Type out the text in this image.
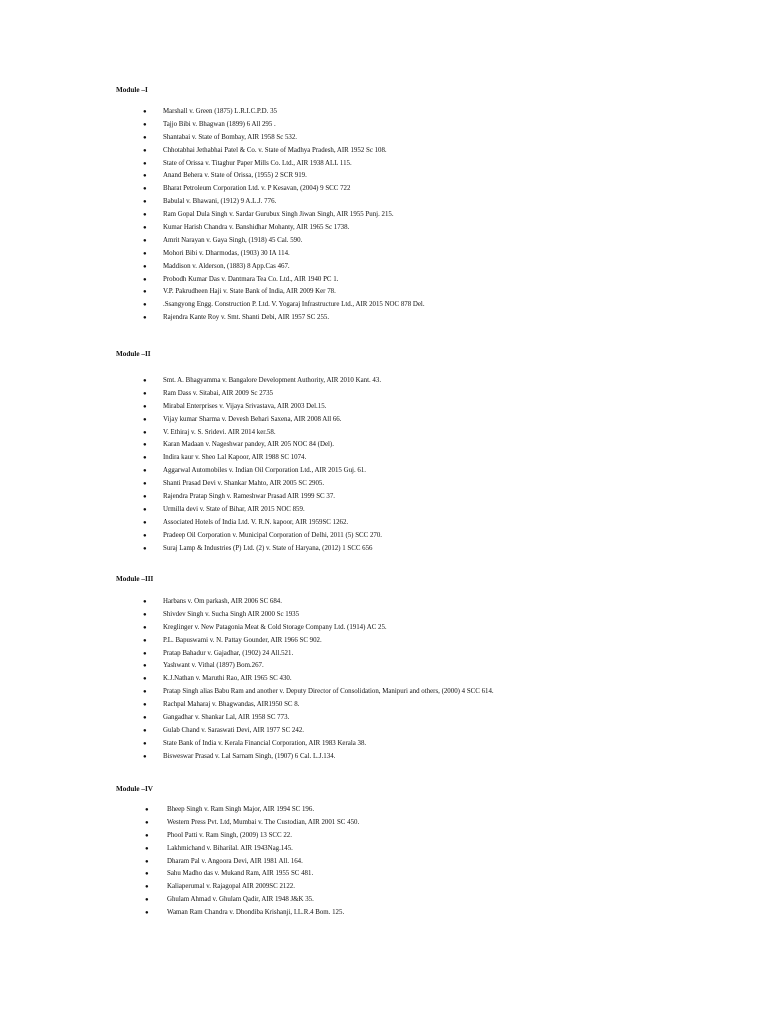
Module –I
● Marshall v. Green (1875) L.R.I.C.P.D. 35
● Tajjo Bibi v. Bhagwan (1899) 6 All 295 .
● Shantabai v. State of Bombay, AIR 1958 Sc 532.
● Chhotabhai Jethabhai Patel & Co. v. State of Madhya Pradesh, AIR 1952 Sc 108.
● State of Orissa v. Titaghur Paper Mills Co. Ltd., AIR 1938 ALL 115.
● Anand Behera v. State of Orissa, (1955) 2 SCR 919.
● Bharat Petroleum Corporation Ltd. v. P Kesavan, (2004) 9 SCC 722
● Babulal v. Bhawani, (1912) 9 A.L.J. 776.
● Ram Gopal Dula Singh v. Sardar Gurubux Singh Jiwan Singh, AIR 1955 Punj. 215.
● Kumar Harish Chandra v. Banshidhar Mohanty, AIR 1965 Sc 1738.
● Amrit Narayan v. Gaya Singh, (1918) 45 Cal. 590.
● Mohori Bibi v. Dharmodas, (1903) 30 IA 114.
● Maddison v. Alderson, (1883) 8 App.Cas 467.
● Probodh Kumar Das v. Dantmara Tea Co. Ltd., AIR 1940 PC 1.
● V.P. Pakrudheen Haji v. State Bank of India, AIR 2009 Ker 78.
● .Ssangyong Engg. Construction P. Ltd. V. Yogaraj Infrastructure Ltd., AIR 2015 NOC 878 Del.
● Rajendra Kante Roy v. Smt. Shanti Debi, AIR 1957 SC 255.
Module –II
● Smt. A. Bhagyamma v. Bangalore Development Authority, AIR 2010 Kant. 43.
● Ram Dass v. Sitabai, AIR 2009 Sc 2735
● Mirabal Enterprises v. Vijaya Srivastava, AIR 2003 Del.15.
● Vijay kumar Sharma v. Devesh Behari Saxena, AIR 2008 All 66.
● V. Ethiraj v. S. Sridevi. AIR 2014 ker.58.
● Karan Madaan v. Nageshwar pandey, AIR 205 NOC 84 (Del).
● Indira kaur v. Sheo Lal Kapoor, AIR 1988 SC 1074.
● Aggarwal Automobiles v. Indian Oil Corporation Ltd., AIR 2015 Guj. 61.
● Shanti Prasad Devi v. Shankar Mahto, AIR 2005 SC 2905.
● Rajendra Pratap Singh v. Rameshwar Prasad AIR 1999 SC 37.
● Urmilla devi v. State of Bihar, AIR 2015 NOC 859.
● Associated Hotels of India Ltd. V. R.N. kapoor, AIR 1959SC 1262.
● Pradeep Oil Corporation v. Municipal Corporation of Delhi, 2011 (5) SCC 270.
● Suraj Lamp & Industries (P) Ltd. (2) v. State of Haryana, (2012) 1 SCC 656
Module –III
● Harbans v. Om parkash, AIR 2006 SC 684.
● Shivdev Singh v. Sucha Singh AIR 2000 Sc 1935
● Kreglinger v. New Patagonia Meat & Cold Storage Company Ltd. (1914) AC 25.
● P.L. Bapuswami v. N. Pattay Gounder, AIR 1966 SC 902.
● Pratap Bahadur v. Gajadhar, (1902) 24 All.521.
● Yashwant v. Vithal (1897) Bom.267.
● K.J.Nathan v. Maruthi Rao, AIR 1965 SC 430.
● Pratap Singh alias Babu Ram and another v. Deputy Director of Consolidation, Manipuri and others, (2000) 4 SCC 614.
● Rachpal Maharaj v. Bhagwandas, AIR1950 SC 8.
● Gangadhar v. Shankar Lal, AIR 1958 SC 773.
● Gulab Chand v. Saraswati Devi, AIR 1977 SC 242.
● State Bank of India v. Kerala Financial Corporation, AIR 1983 Kerala 38.
● Bisweswar Prasad v. Lal Sarnam Singh, (1907) 6 Cal. L.J.134.
Module –IV
●	Bheep Singh v. Ram Singh Major, AIR 1994 SC 196.
●	Western Press Pvt. Ltd, Mumbai v. The Custodian, AIR 2001 SC 450.
●	Phool Patti v. Ram Singh, (2009) 13 SCC 22.
●	Lakhmichand v. Biharilal. AIR 1943Nag.145.
●	Dharam Pal v. Angoora Devi, AIR 1981 All. 164.
●	Sahu Madho das v. Mukand Ram, AIR 1955 SC 481.
●	Kaliaperumal v. Rajagopal AIR 2009SC 2122.
●	Ghulam Ahmad v. Ghulam Qadir, AIR 1948 J&K 35.
●	Waman Ram Chandra v. Dhondiba Krishanji, I.L.R.4 Bom. 125.
